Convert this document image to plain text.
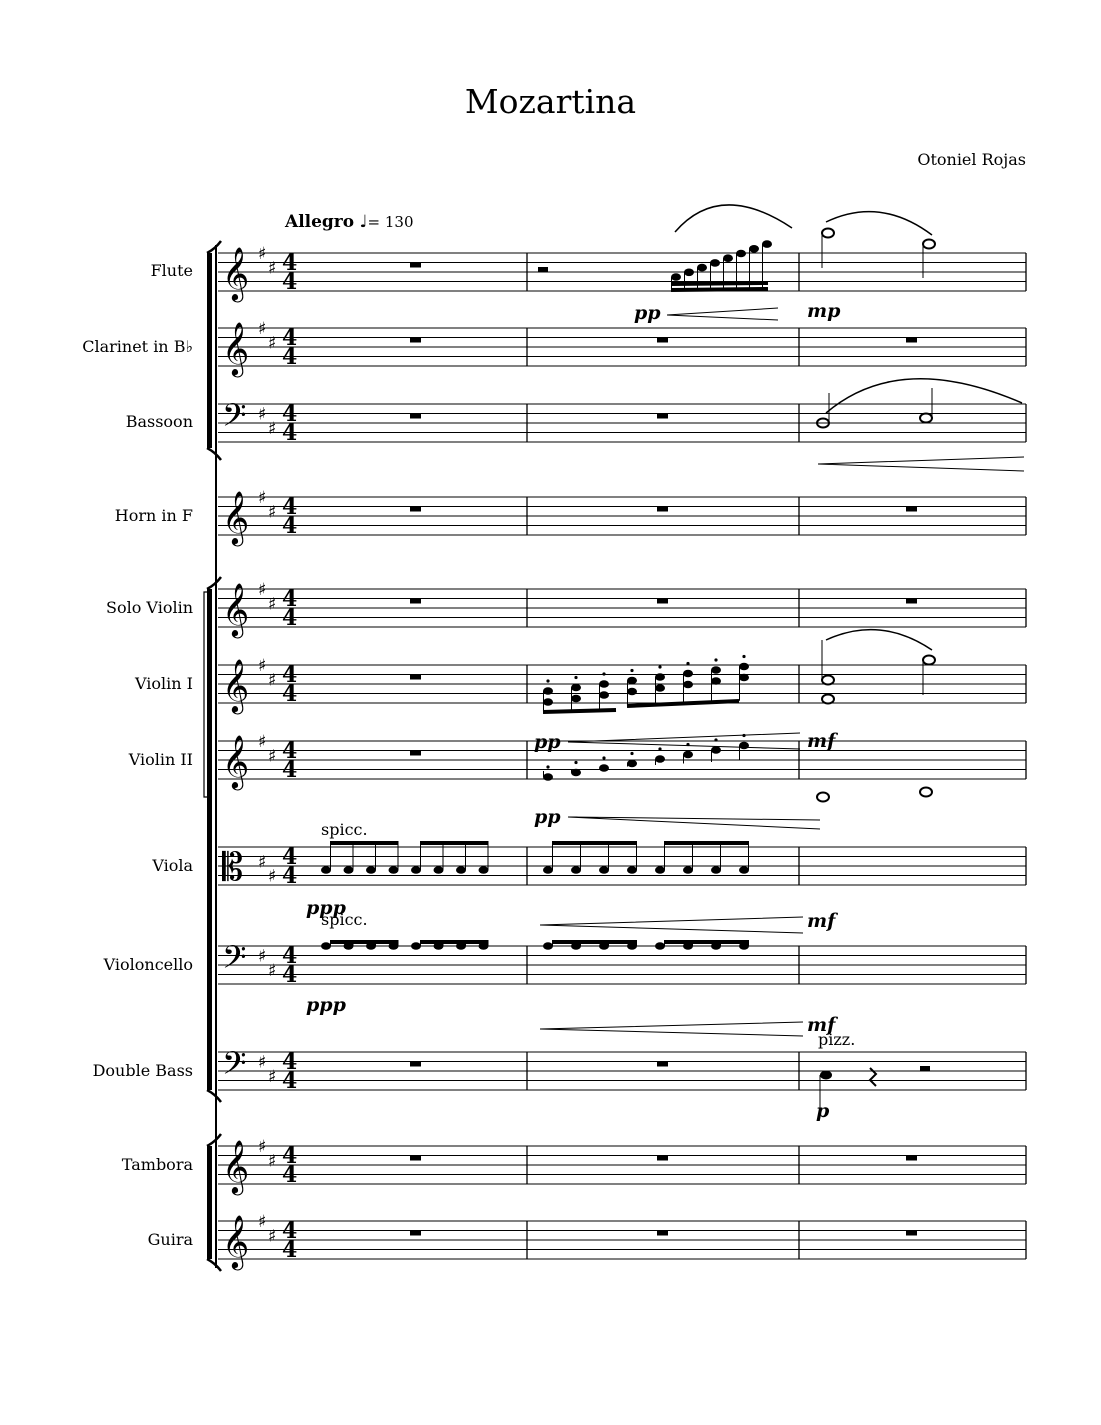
Mozartina
Otoniel Rojas
Allegro ♩= 130
Flute
Clarinet in B♭
Bassoon
Horn in F
Solo Violin
Violin I
Violin II
Viola
Violoncello
Double Bass
Tambora
Guira
pp	mp
pp	mf
pp
ppp
mf
ppp
mf
p
spicc.
spicc.
pizz.
𝄞 ♯
♯ 4
4
𝄞 ♯
♯ 4
4
𝄢 ♯
♯
4
4
𝄞 ♯
♯ 4
4
𝄞 ♯
♯ 4
4
𝄞 ♯
♯ 4
4
𝄞 ♯
♯ 4
4
𝄡 ♯
♯
4
4
𝄢 ♯
♯
4
4
𝄢 ♯
♯
4
4
𝄞 ♯
♯ 4
4
𝄞 ♯
♯ 4
4
